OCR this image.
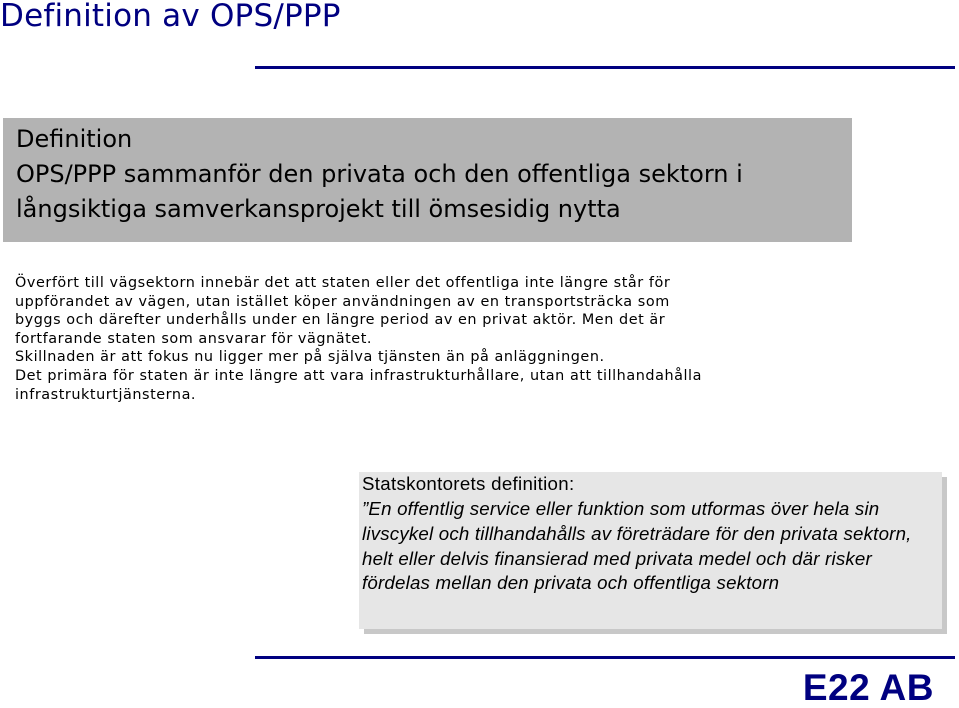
Definition av OPS/PPP
Definition
OPS/PPP sammanför den privata och den offentliga sektorn i långsiktiga samverkansprojekt till ömsesidig nytta
Överfört till vägsektorn innebär det att staten eller det offentliga inte längre står för uppförandet av vägen, utan istället köper användningen av en transportsträcka som byggs och därefter underhålls under en längre period av en privat aktör. Men det är fortfarande staten som ansvarar för vägnätet.
Skillnaden är att fokus nu ligger mer på själva tjänsten än på anläggningen.
Det primära för staten är inte längre att vara infrastrukturhållare, utan att tillhandahålla infrastrukturtjänsterna.
Statskontorets definition:
”En offentlig service eller funktion som utformas över hela sin livscykel och tillhandahålls av företrädare för den privata sektorn, helt eller delvis finansierad med privata medel och där risker fördelas mellan den privata och offentliga sektorn
E22 AB
